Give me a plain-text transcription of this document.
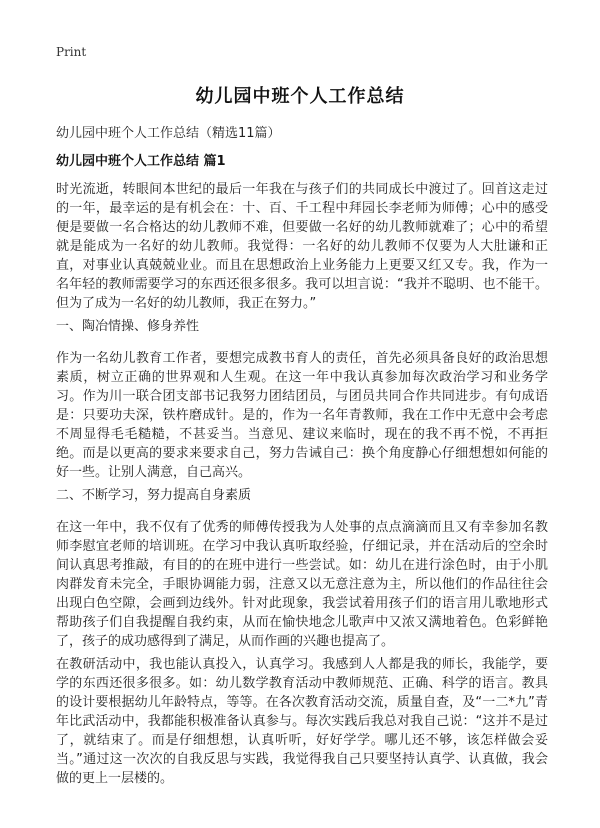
Print
幼儿园中班个人工作总结
幼儿园中班个人工作总结（精选11篇）
幼儿园中班个人工作总结 篇1

时光流逝，转眼间本世纪的最后一年我在与孩子们的共同成长中渡过了。回首这走过的一年，最幸运的是有机会在：十、百、千工程中拜园长李老师为师傅；心中的感受便是要做一名合格达的幼儿教师不难，但要做一名好的幼儿教师就难了；心中的希望就是能成为一名好的幼儿教师。我觉得：一名好的幼儿教师不仅要为人大肚谦和正直，对事业认真兢兢业业。而且在思想政治上业务能力上更要又红又专。我，作为一名年轻的教师需要学习的东西还很多很多。我可以坦言说：“我并不聪明、也不能干。但为了成为一名好的幼儿教师，我正在努力。”

一、陶冶情操、修身养性

作为一名幼儿教育工作者，要想完成教书育人的责任，首先必须具备良好的政治思想素质，树立正确的世界观和人生观。在这一年中我认真参加每次政治学习和业务学习。作为川一联合团支部书记我努力团结团员，与团员共同合作共同进步。有句成语是：只要功夫深，铁杵磨成针。是的，作为一名年青教师，我在工作中无意中会考虑不周显得毛毛糙糙，不甚妥当。当意见、建议来临时，现在的我不再不悦，不再拒绝。而是以更高的要求来要求自己，努力告诫自己：换个角度静心仔细想想如何能的好一些。让别人满意，自己高兴。

二、不断学习，努力提高自身素质

在这一年中，我不仅有了优秀的师傅传授我为人处事的点点滴滴而且又有幸参加名教师李慰宜老师的培训班。在学习中我认真听取经验，仔细记录，并在活动后的空余时间认真思考推敲，有目的的在班中进行一些尝试。如：幼儿在进行涂色时，由于小肌肉群发育未完全，手眼协调能力弱，注意又以无意注意为主，所以他们的作品往往会出现白色空隙，会画到边线外。针对此现象，我尝试着用孩子们的语言用儿歌地形式帮助孩子们自我提醒自我约束，从而在愉快地念儿歌声中又浓又满地着色。色彩鲜艳了，孩子的成功感得到了满足，从而作画的兴趣也提高了。

在教研活动中，我也能认真投入，认真学习。我感到人人都是我的师长，我能学，要学的东西还很多很多。如：幼儿数学教育活动中教师规范、正确、科学的语言。教具的设计要根据幼儿年龄特点，等等。在各次教育活动交流，质量自查，及“一二*九”青年比武活动中，我都能积极准备认真参与。每次实践后我总对我自己说：“这并不是过了，就结束了。而是仔细想想，认真听听，好好学学。哪儿还不够，该怎样做会妥当。”通过这一次次的自我反思与实践，我觉得我自己只要坚持认真学、认真做，我会做的更上一层楼的。
